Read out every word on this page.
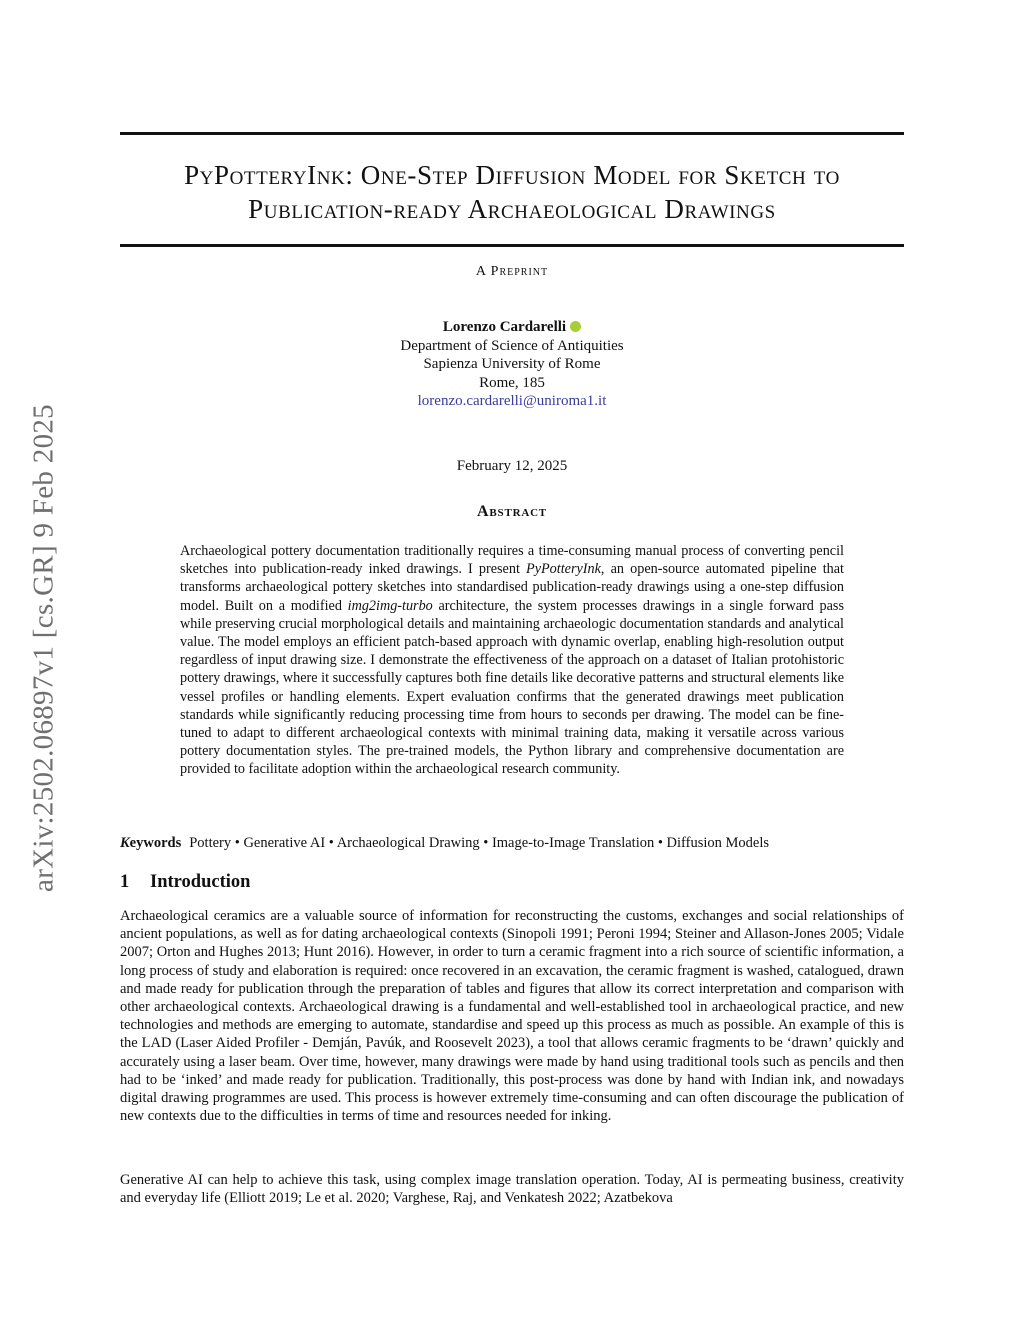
arXiv:2502.06897v1 [cs.GR] 9 Feb 2025
PyPotteryInk: One-Step Diffusion Model for Sketch to
Publication-ready Archaeological Drawings
A Preprint
Lorenzo Cardarelli
Department of Science of Antiquities
Sapienza University of Rome
Rome, 185
lorenzo.cardarelli@uniroma1.it
February 12, 2025
Abstract
Archaeological pottery documentation traditionally requires a time-consuming manual process of converting pencil sketches into publication-ready inked drawings. I present PyPotteryInk, an open-source automated pipeline that transforms archaeological pottery sketches into standardised publication-ready drawings using a one-step diffusion model. Built on a modified img2img-turbo architecture, the system processes drawings in a single forward pass while preserving crucial morphological details and maintaining archaeologic documentation standards and analytical value. The model employs an efficient patch-based approach with dynamic overlap, enabling high-resolution output regardless of input drawing size. I demonstrate the effectiveness of the approach on a dataset of Italian protohistoric pottery drawings, where it successfully captures both fine details like decorative patterns and structural elements like vessel profiles or handling elements. Expert evaluation confirms that the generated drawings meet publication standards while significantly reducing processing time from hours to seconds per drawing. The model can be fine-tuned to adapt to different archaeological contexts with minimal training data, making it versatile across various pottery documentation styles. The pre-trained models, the Python library and comprehensive documentation are provided to facilitate adoption within the archaeological research community.
Keywords Pottery • Generative AI • Archaeological Drawing • Image-to-Image Translation • Diffusion Models
1 Introduction

Archaeological ceramics are a valuable source of information for reconstructing the customs, exchanges and social relationships of ancient populations, as well as for dating archaeological contexts (Sinopoli 1991; Peroni 1994; Steiner and Allason-Jones 2005; Vidale 2007; Orton and Hughes 2013; Hunt 2016). However, in order to turn a ceramic fragment into a rich source of scientific information, a long process of study and elaboration is required: once recovered in an excavation, the ceramic fragment is washed, catalogued, drawn and made ready for publication through the preparation of tables and figures that allow its correct interpretation and comparison with other archaeological contexts. Archaeological drawing is a fundamental and well-established tool in archaeological practice, and new technologies and methods are emerging to automate, standardise and speed up this process as much as possible. An example of this is the LAD (Laser Aided Profiler - Demján, Pavúk, and Roosevelt 2023), a tool that allows ceramic fragments to be ‘drawn’ quickly and accurately using a laser beam. Over time, however, many drawings were made by hand using traditional tools such as pencils and then had to be ‘inked’ and made ready for publication. Traditionally, this post-process was done by hand with Indian ink, and nowadays digital drawing programmes are used. This process is however extremely time-consuming and can often discourage the publication of new contexts due to the difficulties in terms of time and resources needed for inking.

Generative AI can help to achieve this task, using complex image translation operation. Today, AI is permeating business, creativity and everyday life (Elliott 2019; Le et al. 2020; Varghese, Raj, and Venkatesh 2022; Azatbekova
